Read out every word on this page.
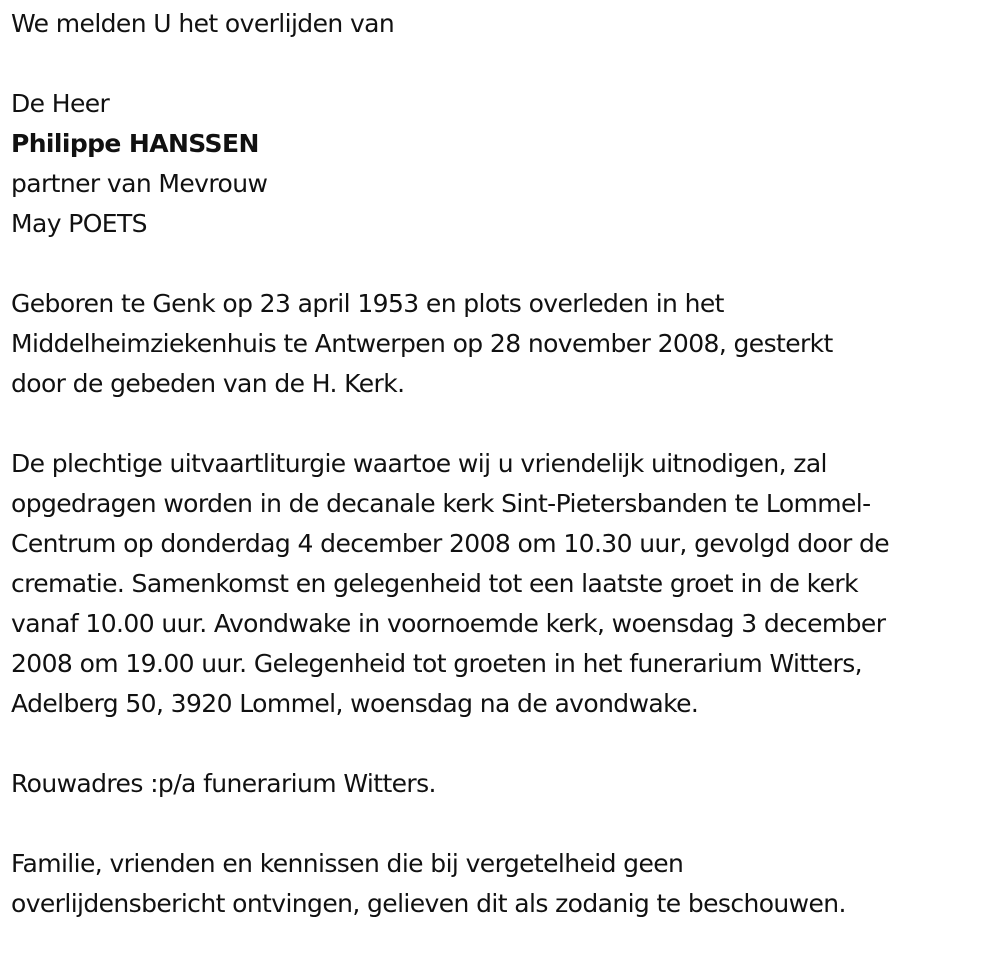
We melden U het overlijden van

De Heer

Philippe HANSSEN

partner van Mevrouw

May POETS

Geboren te Genk op 23 april 1953 en plots overleden in het
Middelheimziekenhuis te Antwerpen op 28 november 2008, gesterkt
door de gebeden van de H. Kerk.

De plechtige uitvaartliturgie waartoe wij u vriendelijk uitnodigen, zal
opgedragen worden in de decanale kerk Sint-Pietersbanden te Lommel-
Centrum op donderdag 4 december 2008 om 10.30 uur, gevolgd door de
crematie. Samenkomst en gelegenheid tot een laatste groet in de kerk
vanaf 10.00 uur. Avondwake in voornoemde kerk, woensdag 3 december
2008 om 19.00 uur. Gelegenheid tot groeten in het funerarium Witters,
Adelberg 50, 3920 Lommel, woensdag na de avondwake.

Rouwadres :p/a funerarium Witters.

Familie, vrienden en kennissen die bij vergetelheid geen
overlijdensbericht ontvingen, gelieven dit als zodanig te beschouwen.
